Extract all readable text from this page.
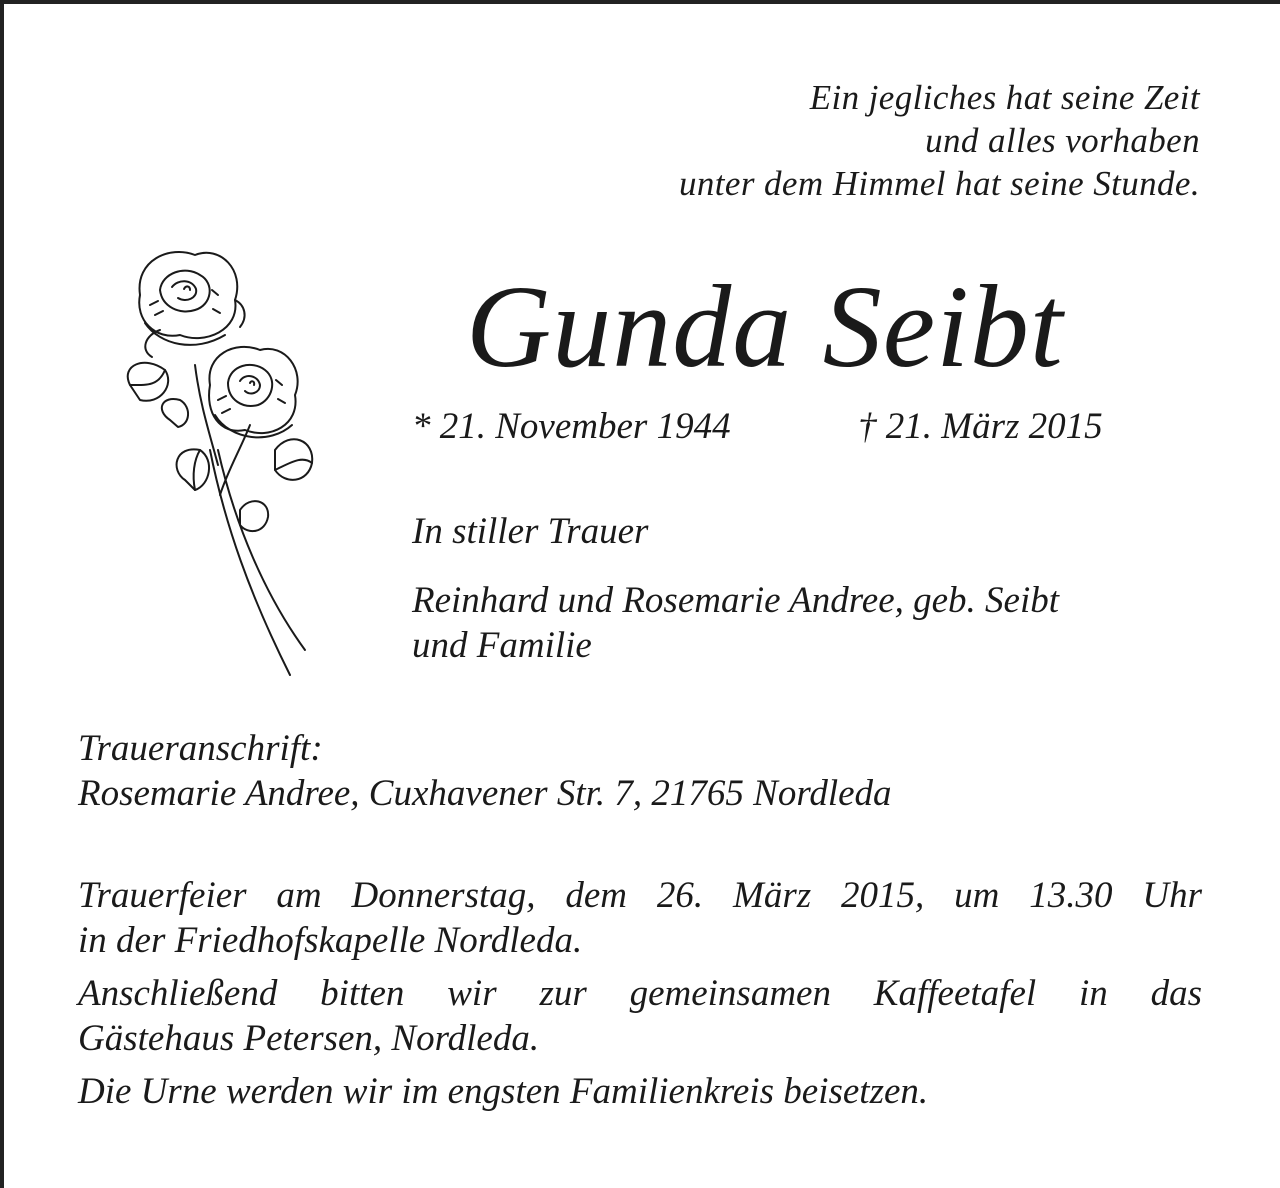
Ein jegliches hat seine Zeit
und alles vorhaben
unter dem Himmel hat seine Stunde.
Gunda Seibt
* 21. November 1944	† 21. März 2015
In stiller Trauer
Reinhard und Rosemarie Andree, geb. Seibt
und Familie
Traueranschrift:
Rosemarie Andree, Cuxhavener Str. 7, 21765 Nordleda

Trauerfeier am Donnerstag, dem 26. März 2015, um 13.30 Uhr
in der Friedhofskapelle Nordleda.

Anschließend bitten wir zur gemeinsamen Kaffeetafel in das
Gästehaus Petersen, Nordleda.

Die Urne werden wir im engsten Familienkreis beisetzen.
